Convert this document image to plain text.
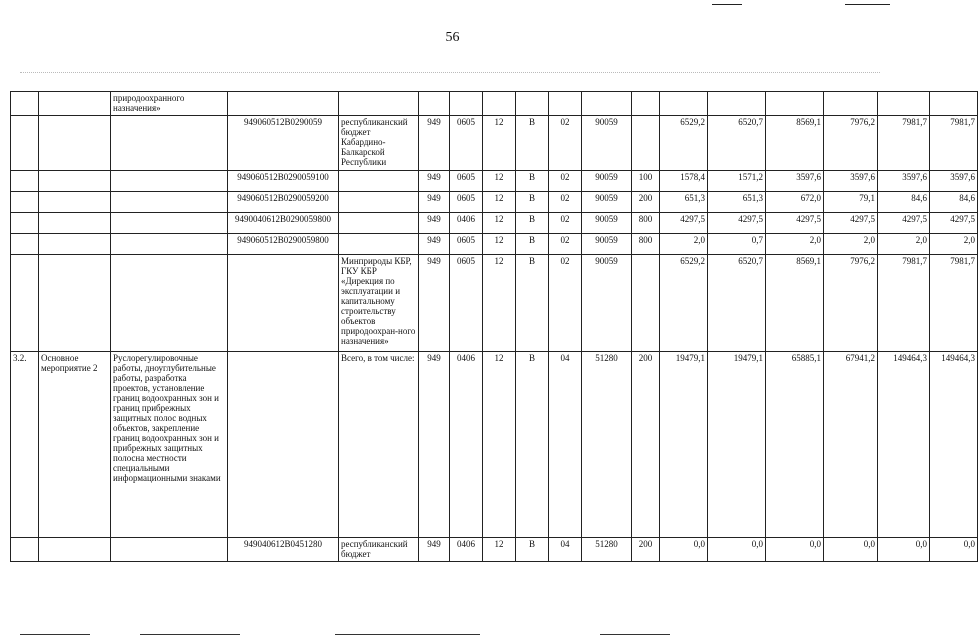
56
		природоохранного назначения»															
			949060512B0290059	республиканский бюджет Кабардино-Балкарской Республики	949	0605	12	В	02	90059		6529,2	6520,7	8569,1	7976,2	7981,7	7981,7
			949060512B0290059100		949	0605	12	В	02	90059	100	1578,4	1571,2	3597,6	3597,6	3597,6	3597,6
			949060512B0290059200		949	0605	12	В	02	90059	200	651,3	651,3	672,0	79,1	84,6	84,6
			9490040612B0290059800		949	0406	12	В	02	90059	800	4297,5	4297,5	4297,5	4297,5	4297,5	4297,5
			949060512B0290059800		949	0605	12	В	02	90059	800	2,0	0,7	2,0	2,0	2,0	2,0
				Минприроды КБР, ГКУ КБР «Дирекция по эксплуатации и капитальному строительству объектов природоохран-ного назначения»	949	0605	12	В	02	90059		6529,2	6520,7	8569,1	7976,2	7981,7	7981,7
3.2.	Основное мероприятие 2	Руслорегулировочные работы, дноуглубительные работы, разработка проектов, установление границ водоохранных зон и границ прибрежных защитных полос водных объектов, закрепление границ водоохранных зон и прибрежных защитных полосна местности специальными информационными знаками		Всего, в том числе:	949	0406	12	В	04	51280	200	19479,1	19479,1	65885,1	67941,2	149464,3	149464,3
			949040612B0451280	республиканский бюджет	949	0406	12	В	04	51280	200	0,0	0,0	0,0	0,0	0,0	0,0
